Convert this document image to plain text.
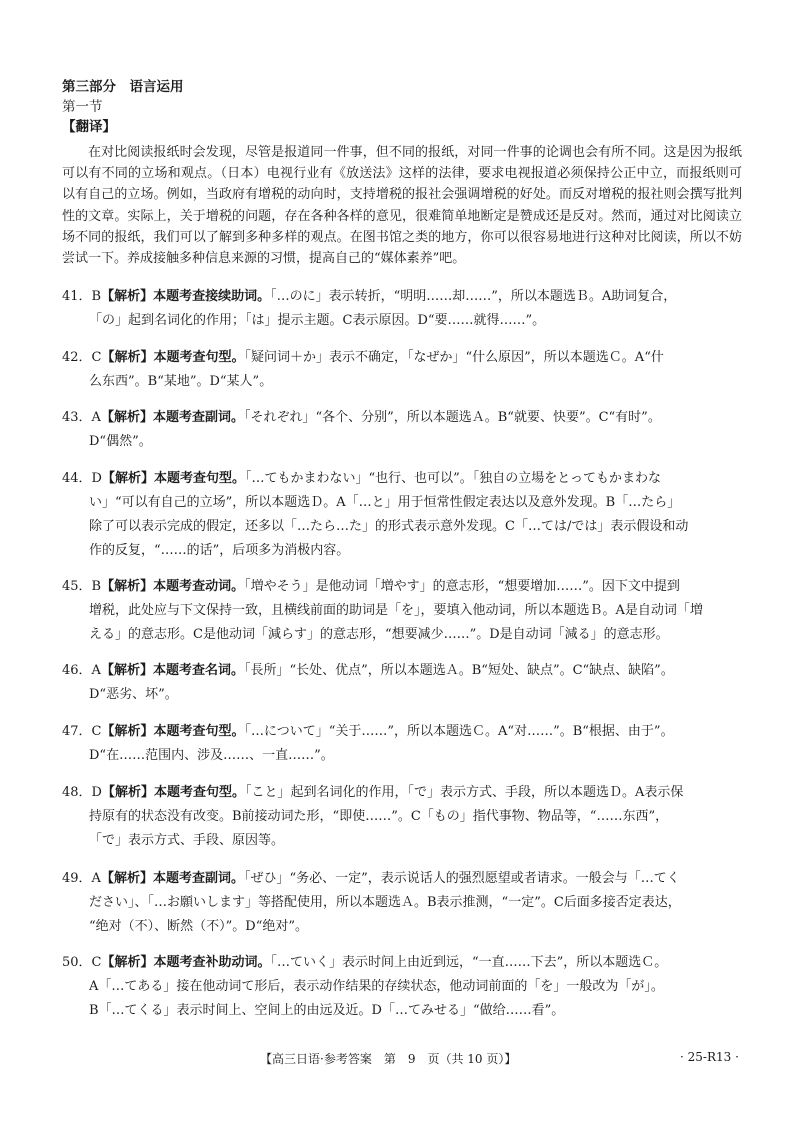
第三部分　语言运用
第一节
【翻译】

在对比阅读报纸时会发现，尽管是报道同一件事，但不同的报纸，对同一件事的论调也会有所不同。这是因为报纸可以有不同的立场和观点。（日本）电视行业有《放送法》这样的法律，要求电视报道必须保持公正中立，而报纸则可以有自己的立场。例如，当政府有增税的动向时，支持增税的报社会强调增税的好处。而反对增税的报社则会撰写批判性的文章。实际上，关于增税的问题，存在各种各样的意见，很难简单地断定是赞成还是反对。然而，通过对比阅读立场不同的报纸，我们可以了解到多种多样的观点。在图书馆之类的地方，你可以很容易地进行这种对比阅读，所以不妨尝试一下。养成接触多种信息来源的习惯，提高自己的“媒体素养”吧。

41．B【解析】本题考查接续助词。「…のに」表示转折，“明明……却……”，所以本题选Ｂ。A助词复合，
「の」起到名词化的作用；「は」提示主题。C表示原因。D“要……就得……”。
42．C【解析】本题考查句型。「疑问词＋か」表示不确定，「なぜか」“什么原因”，所以本题选Ｃ。A“什
么东西”。B“某地”。D“某人”。
43．A【解析】本题考查副词。「それぞれ」“各个、分别”，所以本题选Ａ。B“就要、快要”。C“有时”。
D“偶然”。
44．D【解析】本题考查句型。「…てもかまわない」“也行、也可以”。「独自の立場をとってもかまわな
い」“可以有自己的立场”，所以本题选Ｄ。A「…と」用于恒常性假定表达以及意外发现。B「…たら」
除了可以表示完成的假定，还多以「…たら…た」的形式表示意外发现。C「…ては/では」表示假设和动
作的反复，“……的话”，后项多为消极内容。
45．B【解析】本题考查动词。「増やそう」是他动词「増やす」的意志形，“想要增加……”。因下文中提到
增税，此处应与下文保持一致，且横线前面的助词是「を」，要填入他动词，所以本题选Ｂ。A是自动词「増
える」的意志形。C是他动词「減らす」的意志形，“想要减少……”。D是自动词「減る」的意志形。
46．A【解析】本题考查名词。「長所」“长处、优点”，所以本题选Ａ。B“短处、缺点”。C“缺点、缺陷”。
D“恶劣、坏”。
47．C【解析】本题考查句型。「…について」“关于……”，所以本题选Ｃ。A“对……”。B“根据、由于”。
D“在……范围内、涉及……、一直……”。
48．D【解析】本题考查句型。「こと」起到名词化的作用，「で」表示方式、手段，所以本题选Ｄ。A表示保
持原有的状态没有改变。B前接动词た形，“即使……”。C「もの」指代事物、物品等，“……东西”，
「で」表示方式、手段、原因等。
49．A【解析】本题考查副词。「ぜひ」“务必、一定”，表示说话人的强烈愿望或者请求。一般会与「…てく
ださい」、「…お願いします」等搭配使用，所以本题选Ａ。B表示推测，“一定”。C后面多接否定表达，
“绝对（不）、断然（不）”。D“绝对”。
50．C【解析】本题考查补助动词。「…ていく」表示时间上由近到远，“一直……下去”，所以本题选Ｃ。
A「…てある」接在他动词て形后，表示动作结果的存续状态，他动词前面的「を」一般改为「が」。
B「…てくる」表示时间上、空间上的由远及近。D「…てみせる」“做给……看”。
【高三日语·参考答案　第　9　页（共 10 页）】	· 25-R13 ·
